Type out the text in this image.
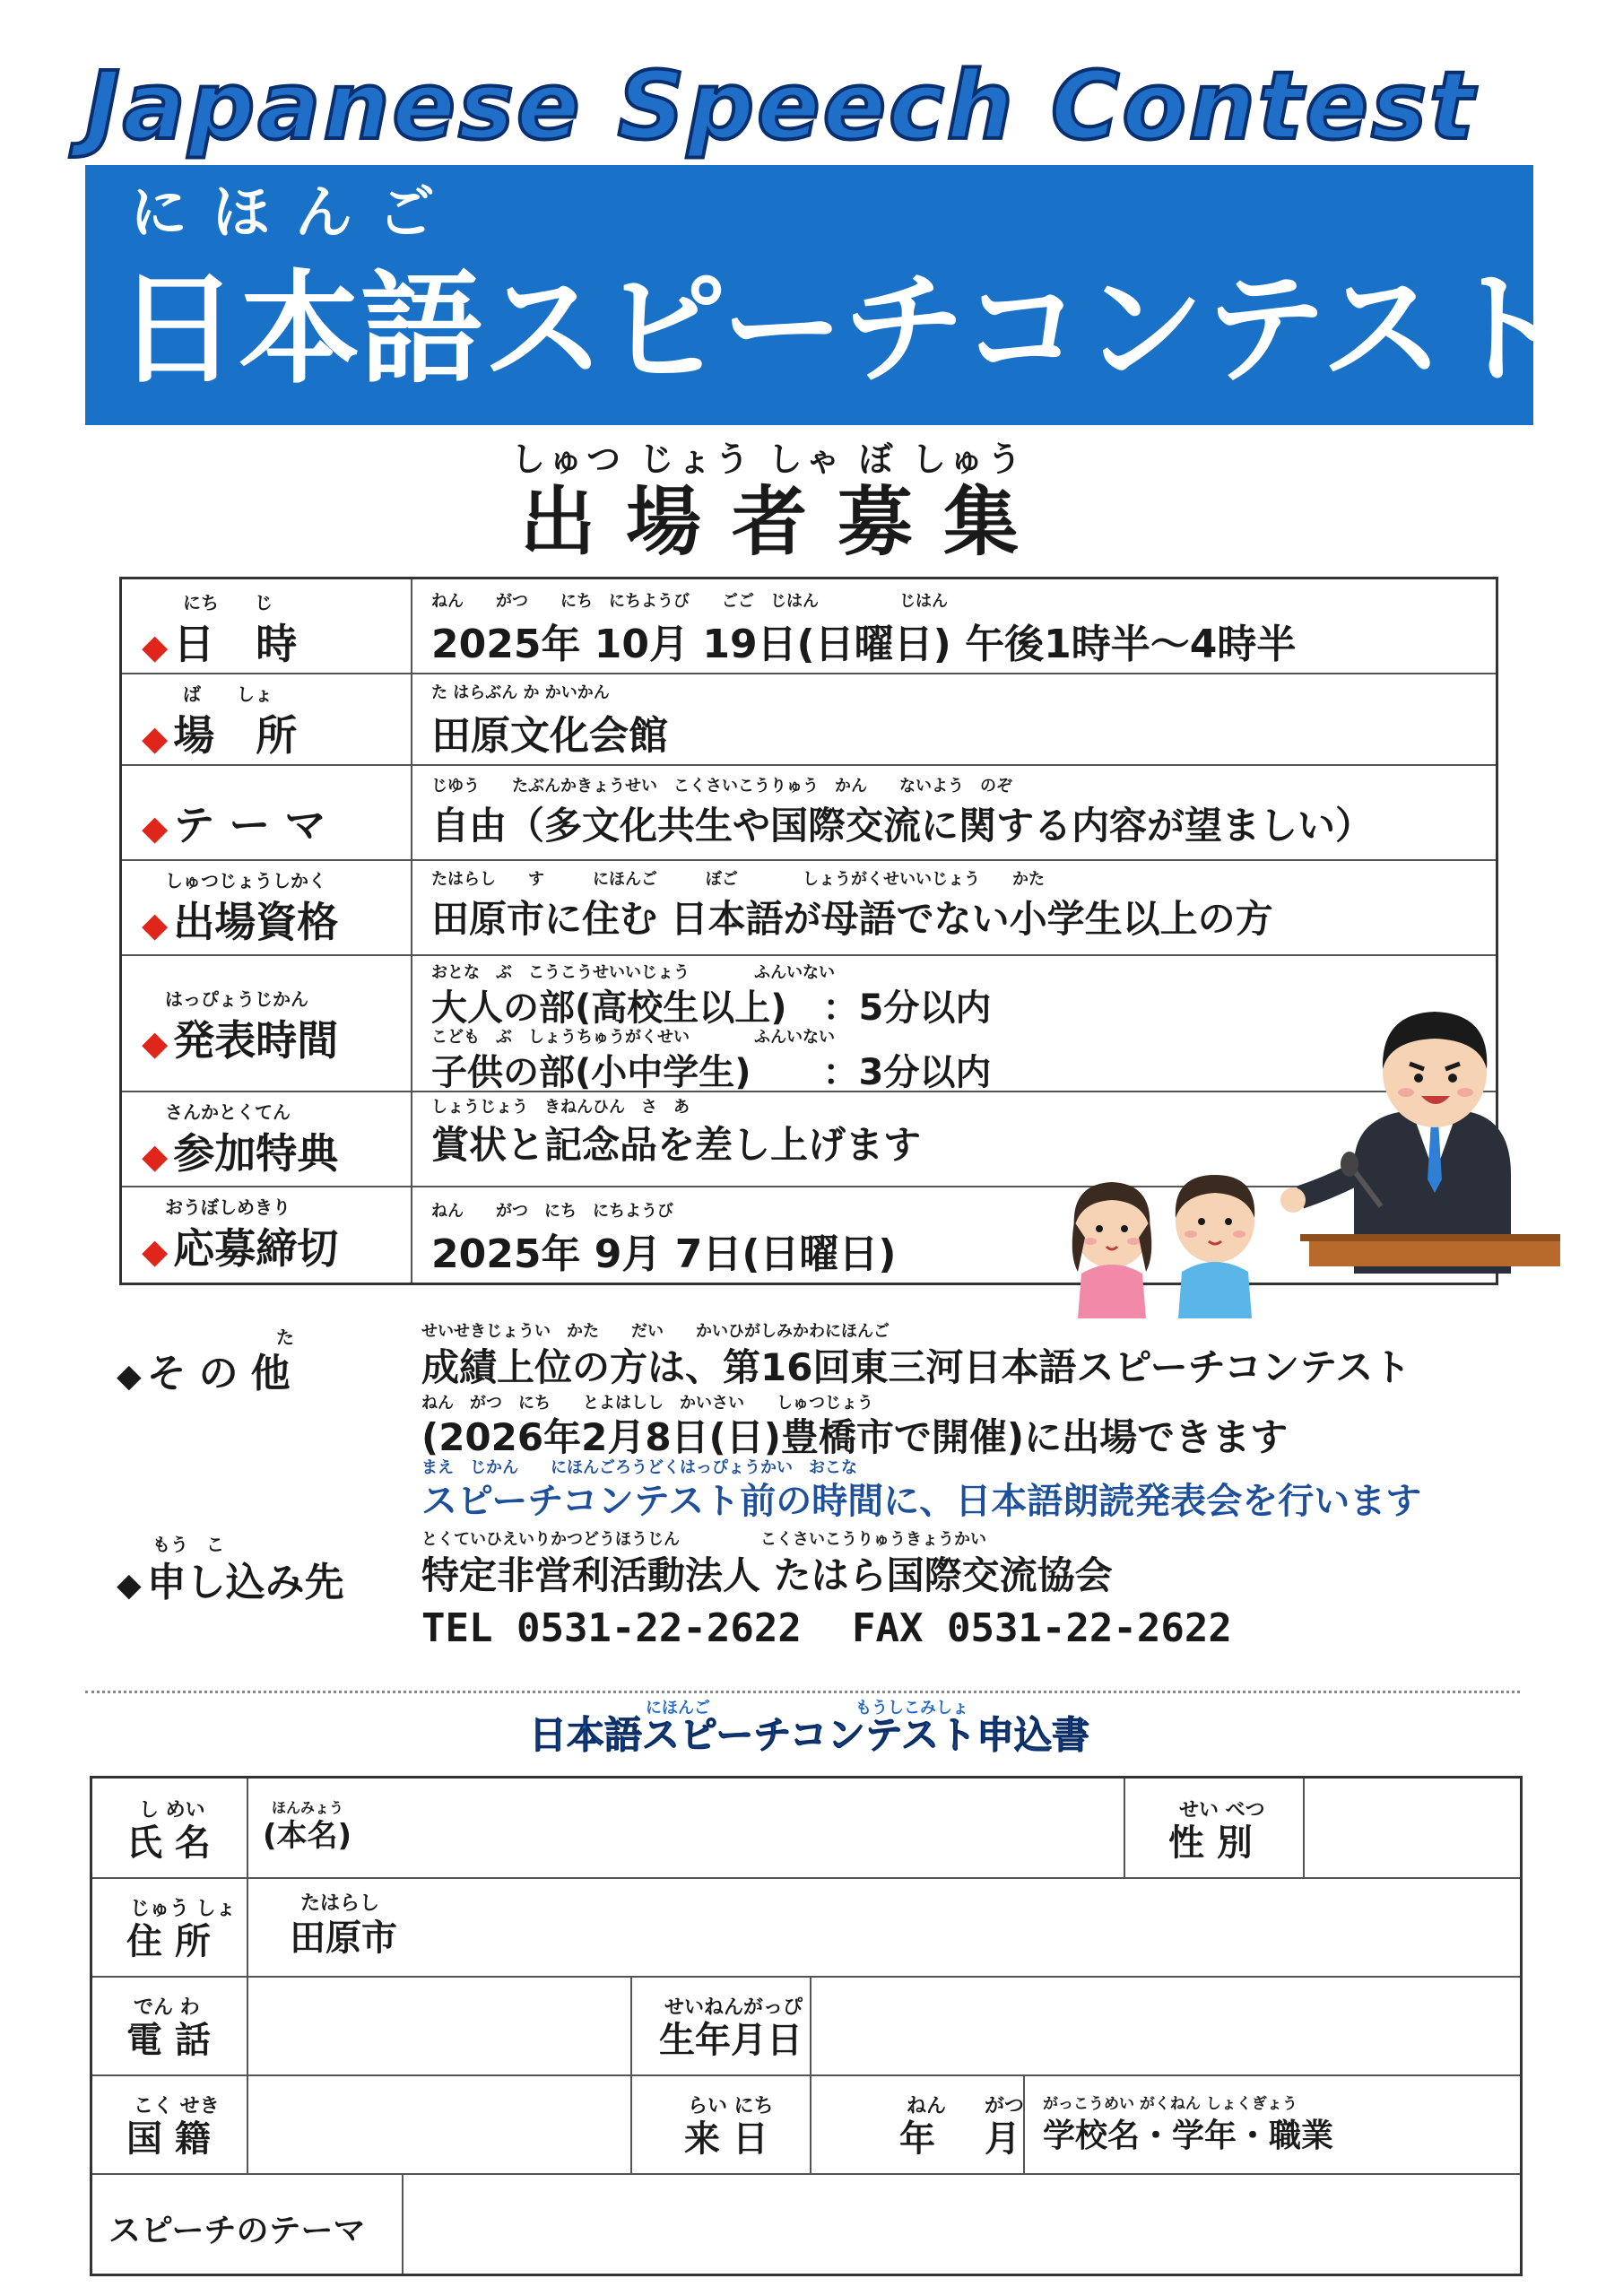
Japanese Speech Contest
にほんご
日本語スピーチコンテスト
しゅつ じょう しゃ ぼ しゅう
出場者募集
にち　　じ
◆ 日　時
ねん　　がつ　　にち　にちようび　　ごご　じはん　　　　　じはん
2025年 10月 19日(日曜日) 午後1時半～4時半
ば　　しょ
◆ 場　所
た はらぶん か かいかん
田原文化会館
◆ テ ー マ
じゆう　　たぶんかきょうせい　こくさいこうりゅう　かん　　ないよう　のぞ
自由（多文化共生や国際交流に関する内容が望ましい）
しゅつじょうしかく
◆ 出場資格
たはらし　　す　　　にほんご　　　ぼご　　　　しょうがくせいいじょう　　かた
田原市に住む 日本語が母語でない小学生以上の方
はっぴょうじかん
◆ 発表時間
おとな　ぶ　こうこうせいいじょう　　　　ふんいない
大人の部(高校生以上)　：5分以内
こども　ぶ　しょうちゅうがくせい　　　　ふんいない
子供の部(小中学生)　　：3分以内
さんかとくてん
◆ 参加特典
しょうじょう　きねんひん　さ　あ
賞状と記念品を差し上げます
おうぼしめきり
◆ 応募締切
ねん　　がつ　にち　にちようび
2025年 9月 7日(日曜日)
た
◆ その他
せいせきじょうい　かた　　だい　　かいひがしみかわにほんご
成績上位の方は、第16回東三河日本語スピーチコンテスト
ねん　がつ　にち　　とよはしし　かいさい　　しゅつじょう
(2026年2月8日(日)豊橋市で開催)に出場できます
まえ　じかん　　にほんごろうどくはっぴょうかい　おこな
スピーチコンテスト前の時間に、日本語朗読発表会を行います
もう　こ
◆ 申し込み先
とくていひえいりかつどうほうじん　　　　　こくさいこうりゅうきょうかい
特定非営利活動法人 たはら国際交流協会
TEL 0531-22-2622 FAX 0531-22-2622
にほんご　　　　　　　　　もうしこみしょ
日本語スピーチコンテスト申込書
し めい
氏 名
ほんみょう
(本名)
せい べつ
性 別
じゅう しょ
住 所
たはらし
田原市
でん わ
電 話
せいねんがっぴ
生年月日
こく せき
国 籍
らい にち
来 日
ねん
年
がつ
月
がっこうめい がくねん しょくぎょう
学校名・学年・職業
スピーチのテーマ
